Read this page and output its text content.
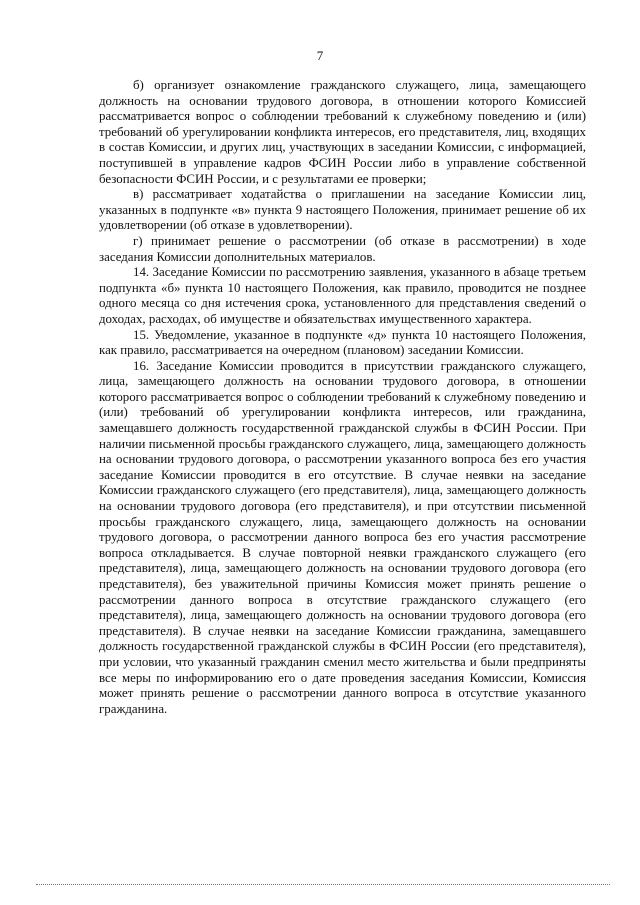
7

б) организует ознакомление гражданского служащего, лица, замещающего должность на основании трудового договора, в отношении которого Комиссией рассматривается вопрос о соблюдении требований к служебному поведению и (или) требований об урегулировании конфликта интересов, его представителя, лиц, входящих в состав Комиссии, и других лиц, участвующих в заседании Комиссии, с информацией, поступившей в управление кадров ФСИН России либо в управление собственной безопасности ФСИН России, и с результатами ее проверки;

в) рассматривает ходатайства о приглашении на заседание Комиссии лиц, указанных в подпункте «в» пункта 9 настоящего Положения, принимает решение об их удовлетворении (об отказе в удовлетворении).

г) принимает решение о рассмотрении (об отказе в рассмотрении) в ходе заседания Комиссии дополнительных материалов.

14. Заседание Комиссии по рассмотрению заявления, указанного в абзаце третьем подпункта «б» пункта 10 настоящего Положения, как правило, проводится не позднее одного месяца со дня истечения срока, установленного для представления сведений о доходах, расходах, об имуществе и обязательствах имущественного характера.

15. Уведомление, указанное в подпункте «д» пункта 10 настоящего Положения, как правило, рассматривается на очередном (плановом) заседании Комиссии.

16. Заседание Комиссии проводится в присутствии гражданского служащего, лица, замещающего должность на основании трудового договора, в отношении которого рассматривается вопрос о соблюдении требований к служебному поведению и (или) требований об урегулировании конфликта интересов, или гражданина, замещавшего должность государственной гражданской службы в ФСИН России. При наличии письменной просьбы гражданского служащего, лица, замещающего должность на основании трудового договора, о рассмотрении указанного вопроса без его участия заседание Комиссии проводится в его отсутствие. В случае неявки на заседание Комиссии гражданского служащего (его представителя), лица, замещающего должность на основании трудового договора (его представителя), и при отсутствии письменной просьбы гражданского служащего, лица, замещающего должность на основании трудового договора, о рассмотрении данного вопроса без его участия рассмотрение вопроса откладывается. В случае повторной неявки гражданского служащего (его представителя), лица, замещающего должность на основании трудового договора (его представителя), без уважительной причины Комиссия может принять решение о рассмотрении данного вопроса в отсутствие гражданского служащего (его представителя), лица, замещающего должность на основании трудового договора (его представителя). В случае неявки на заседание Комиссии гражданина, замещавшего должность государственной гражданской службы в ФСИН России (его представителя), при условии, что указанный гражданин сменил место жительства и были предприняты все меры по информированию его о дате проведения заседания Комиссии, Комиссия может принять решение о рассмотрении данного вопроса в отсутствие указанного гражданина.
